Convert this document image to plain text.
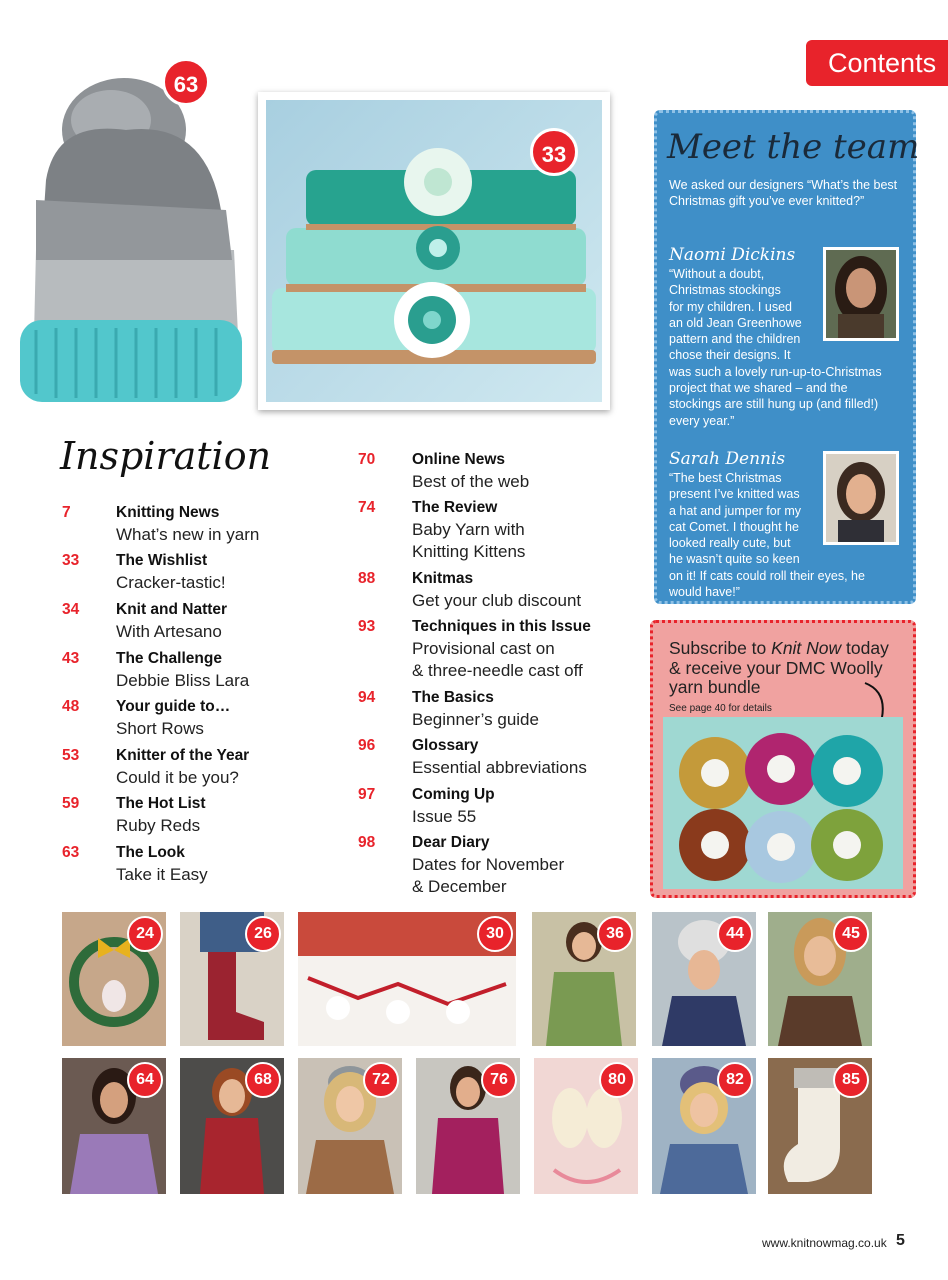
Contents
63
33	Meet the team
We asked our designers “What’s the best Christmas gift you’ve ever knitted?”
Naomi Dickins
“Without a doubt,
Christmas stockings
for my children. I used
an old Jean Greenhowe
pattern and the children
chose their designs. It
was such a lovely run-up-to-Christmas
project that we shared – and the
stockings are still hung up (and filled!)
every year.”
Sarah Dennis
“The best Christmas
present I’ve knitted was
a hat and jumper for my
cat Comet. I thought he
looked really cute, but
he wasn’t quite so keen
on it! If cats could roll their eyes, he
would have!”
Subscribe to Knit Now today
& receive your DMC Woolly
yarn bundle
See page 40 for details
Inspiration
7	Knitting News
What’s new in yarn
33 The Wishlist
Cracker-tastic!
34 Knit and Natter
With Artesano
43 The Challenge
Debbie Bliss Lara
48 Your guide to…
Short Rows
53 Knitter of the Year
Could it be you?
59 The Hot List
Ruby Reds
63 The Look
Take it Easy
70 Online News
Best of the web
74 The Review
Baby Yarn with
Knitting Kittens
88 Knitmas
Get your club discount
93 Techniques in this Issue
Provisional cast on
& three-needle cast off
94 The Basics
Beginner’s guide
96 Glossary
Essential abbreviations
97 Coming Up
Issue 55
98 Dear Diary
Dates for November
& December
24	26	30	36	44	45
64	68	72	76	80	82	85
www.knitnowmag.co.uk 5
